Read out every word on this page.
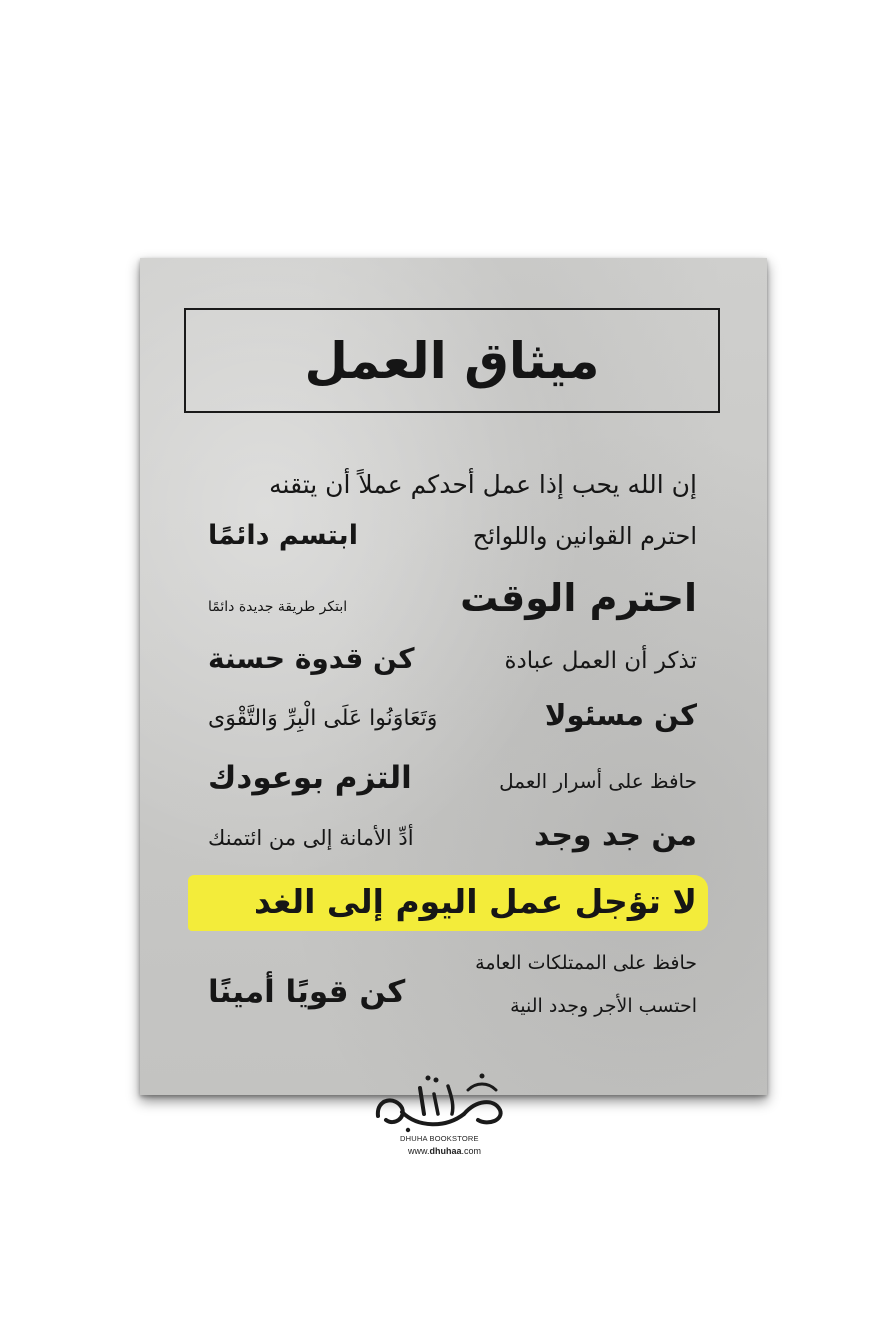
ميثاق العمل
إن الله يحب إذا عمل أحدكم عملاً أن يتقنه
احترم القوانين واللوائح
ابتسم دائمًا
احترم الوقت
ابتكر طريقة جديدة دائمًا
تذكر أن العمل عبادة
كن قدوة حسنة
كن مسئولا
وَتَعَاوَنُوا عَلَى الْبِرِّ وَالتَّقْوَى
حافظ على أسرار العمل
التزم بوعودك
من جد وجد
أدِّ الأمانة إلى من ائتمنك
لا تؤجل عمل اليوم إلى الغد
حافظ على الممتلكات العامة
احتسب الأجر وجدد النية
كن قويًا أمينًا
DHUHA BOOKSTORE
www.dhuhaa.com
